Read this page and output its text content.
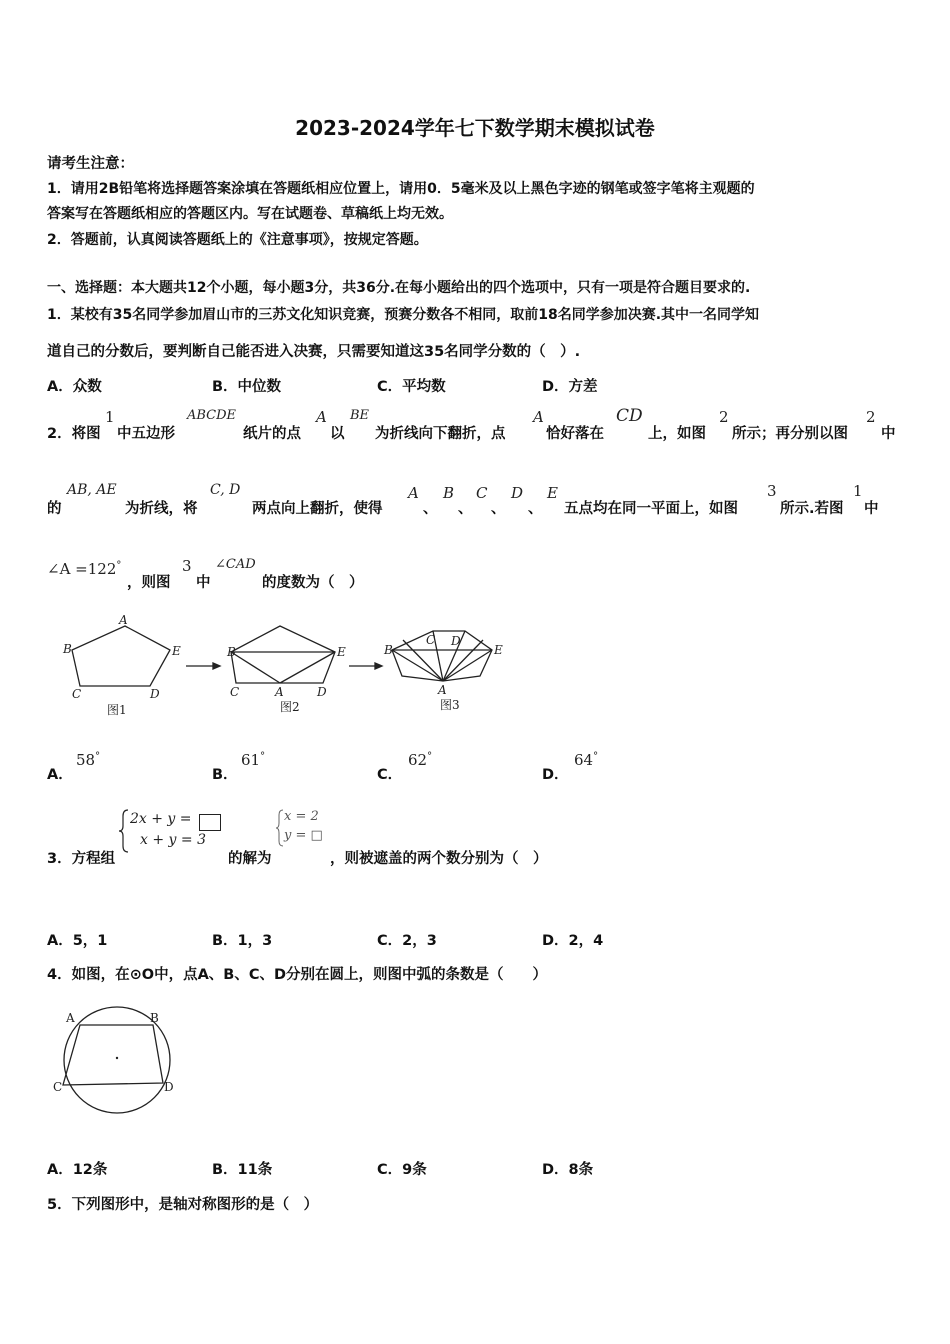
2023-2024学年七下数学期末模拟试卷
请考生注意：
1．请用2B铅笔将选择题答案涂填在答题纸相应位置上，请用0．5毫米及以上黑色字迹的钢笔或签字笔将主观题的
答案写在答题纸相应的答题区内。写在试题卷、草稿纸上均无效。
2．答题前，认真阅读答题纸上的《注意事项》，按规定答题。
一、选择题：本大题共12个小题，每小题3分，共36分.在每小题给出的四个选项中，只有一项是符合题目要求的.
1．某校有35名同学参加眉山市的三苏文化知识竞赛，预赛分数各不相同，取前18名同学参加决赛.其中一名同学知
道自己的分数后，要判断自己能否进入决赛，只需要知道这35名同学分数的（　）.
A．众数	B．中位数	C．平均数	D．方差
2．将图
1
中五边形
ABCDE
纸片的点
A
以
BE
为折线向下翻折，点
A
恰好落在
CD
上，如图
2
所示；再分别以图
2
中
的
AB, AE
为折线，将
C, D
两点向上翻折，使得
A
、
B
、
C
、
D
、
E
五点均在同一平面上，如图
3
所示.若图
1
中
∠A =122°
，则图
3
中
∠CAD
的度数为（　）
A
B
C	D
E	B
C	A	D
E	B
C D
E
A
图1	图2	图3
A．
58°
B．
61°
C．
62°
D．
64°
3．方程组
2x + y =
x + y = 3
的解为
x = 2
y = □
，则被遮盖的两个数分别为（　）
A．5，1	B．1，3	C．2，3	D．2，4
4．如图，在⊙O中，点A、B、C、D分别在圆上，则图中弧的条数是（　　）
A	B
C	D
A．12条	B．11条	C．9条	D．8条
5．下列图形中，是轴对称图形的是（　）
